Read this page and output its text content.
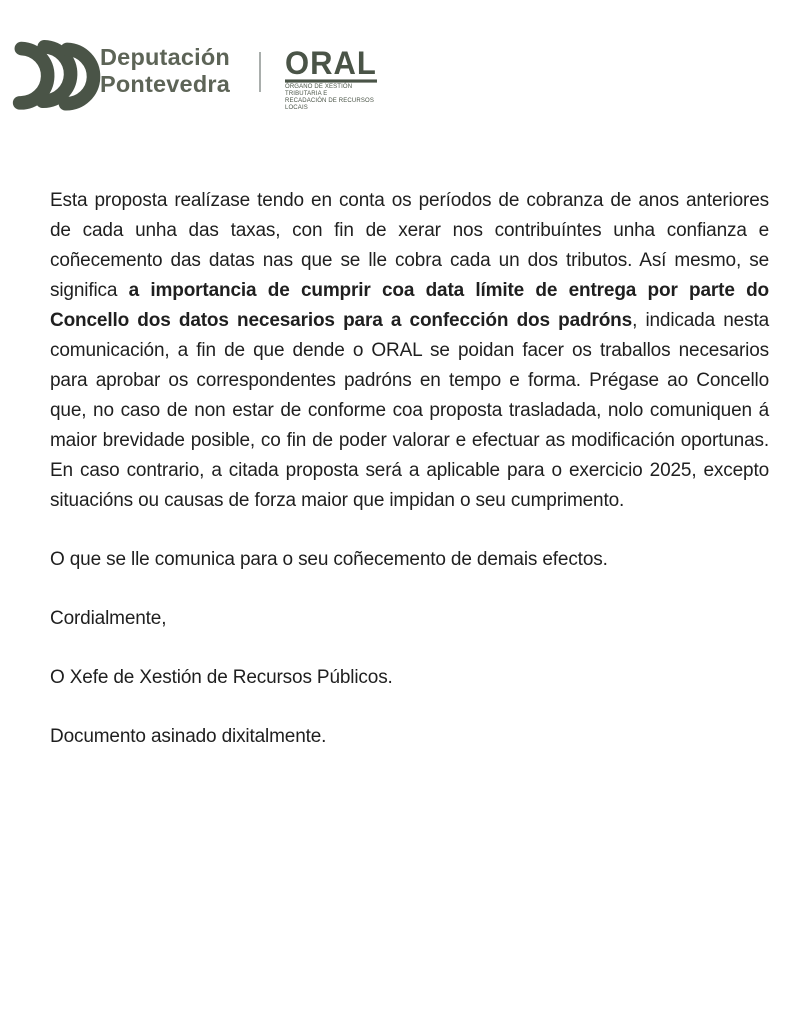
Deputación
Pontevedra
ORAL
ÓRGANO DE XESTIÓN TRIBUTARIA E
RECADACIÓN DE RECURSOS LOCAIS

Esta proposta realízase tendo en conta os períodos de cobranza de anos anteriores de cada unha das taxas, con fin de xerar nos contribuíntes unha confianza e coñecemento das datas nas que se lle cobra cada un dos tributos. Así mesmo, se significa a importancia de cumprir coa data límite de entrega por parte do Concello dos datos necesarios para a confección dos padróns, indicada nesta comunicación, a fin de que dende o ORAL se poidan facer os traballos necesarios para aprobar os correspondentes padróns en tempo e forma. Prégase ao Concello que, no caso de non estar de conforme coa proposta trasladada, nolo comuniquen á maior brevidade posible, co fin de poder valorar e efectuar as modificación oportunas. En caso contrario, a citada proposta será a aplicable para o exercicio 2025, excepto situacións ou causas de forza maior que impidan o seu cumprimento.

O que se lle comunica para o seu coñecemento de demais efectos.

Cordialmente,

O Xefe de Xestión de Recursos Públicos.

Documento asinado dixitalmente.
